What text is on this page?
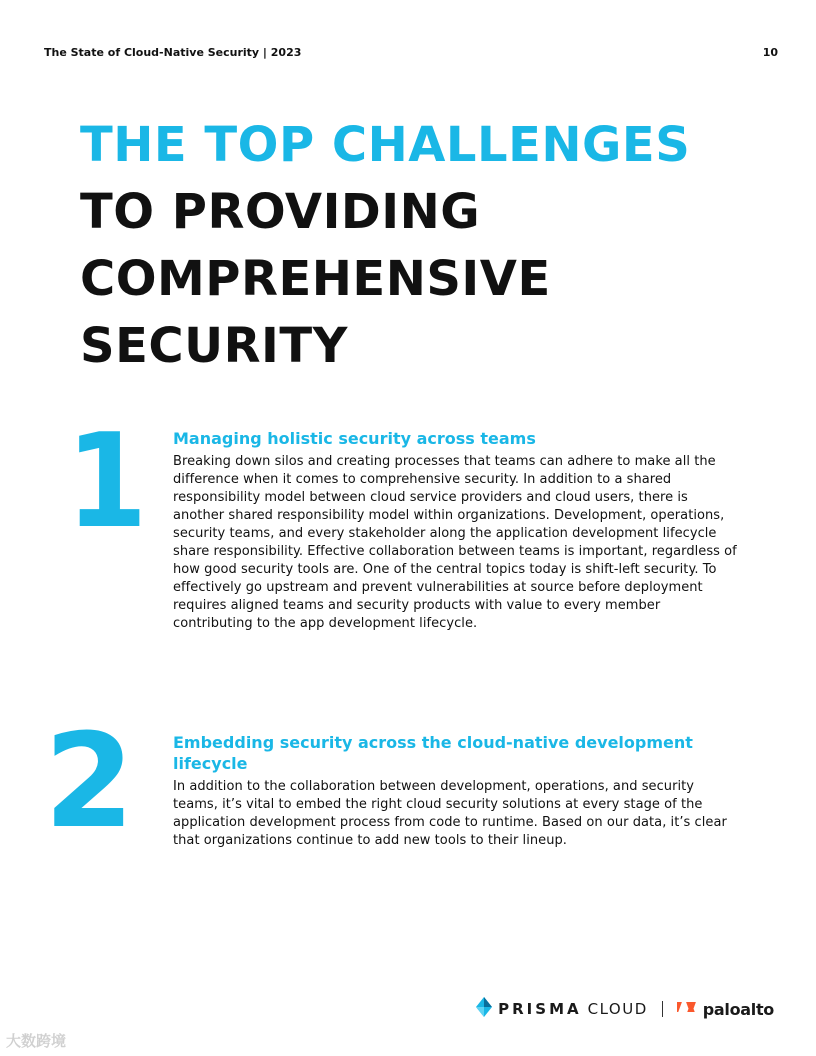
The State of Cloud-Native Security | 2023	10
THE TOP CHALLENGES
TO PROVIDING
COMPREHENSIVE
SECURITY
1 Managing holistic security across teams

Breaking down silos and creating processes that teams can adhere to make all the difference when it comes to comprehensive security. In addition to a shared responsibility model between cloud service providers and cloud users, there is another shared responsibility model within organizations. Development, operations, security teams, and every stakeholder along the application development lifecycle share responsibility. Effective collaboration between teams is important, regardless of how good security tools are. One of the central topics today is shift-left security. To effectively go upstream and prevent vulnerabilities at source before deployment requires aligned teams and security products with value to every member contributing to the app development lifecycle.

2 Embedding security across the cloud-native development lifecycle

In addition to the collaboration between development, operations, and security teams, it’s vital to embed the right cloud security solutions at every stage of the application development process from code to runtime. Based on our data, it’s clear that organizations continue to add new tools to their lineup.

PRISMA CLOUD	paloalto
大数跨境
